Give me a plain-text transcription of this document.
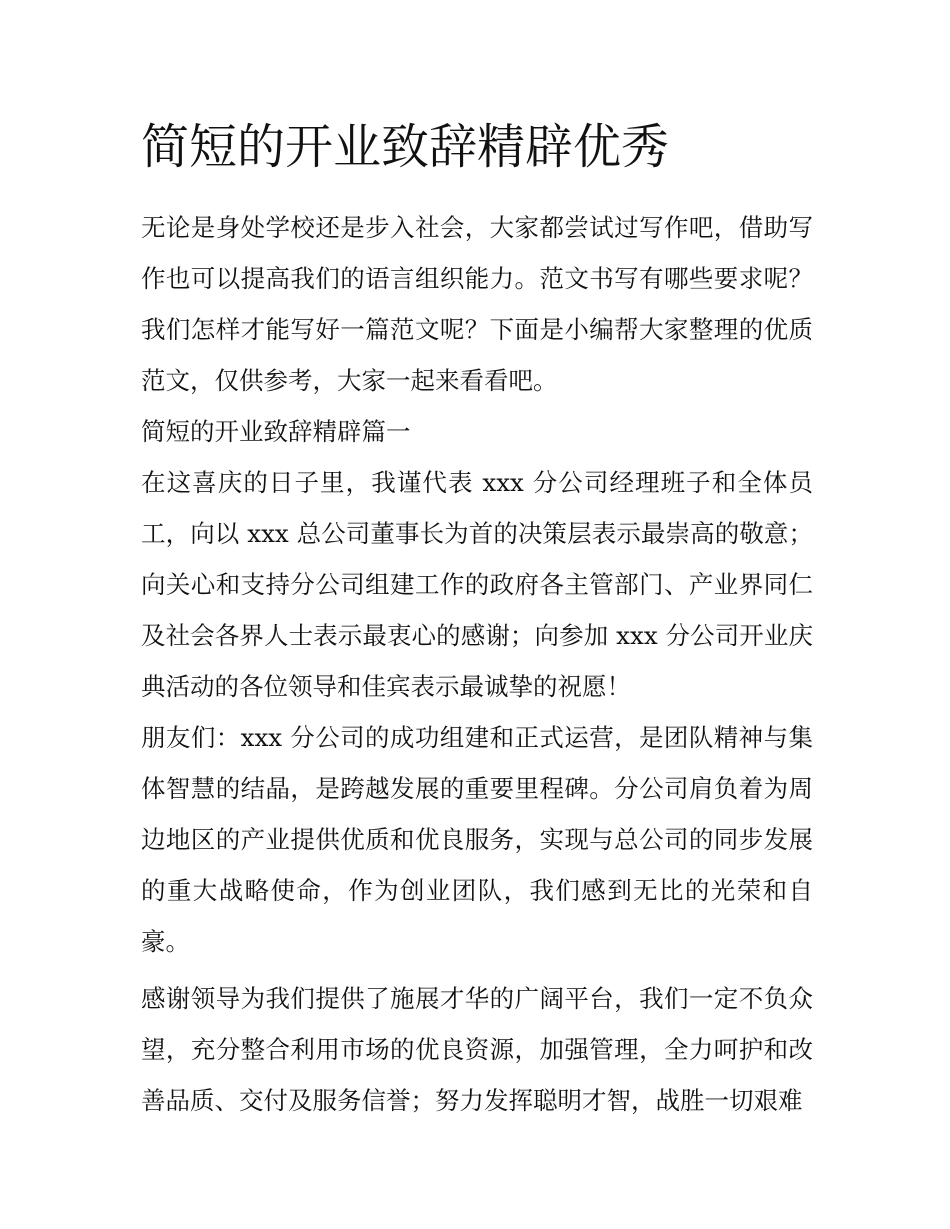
简短的开业致辞精辟优秀

无论是身处学校还是步入社会，大家都尝试过写作吧，借助写作也可以提高我们的语言组织能力。范文书写有哪些要求呢？我们怎样才能写好一篇范文呢？下面是小编帮大家整理的优质范文，仅供参考，大家一起来看看吧。

简短的开业致辞精辟篇一

在这喜庆的日子里，我谨代表 xxx 分公司经理班子和全体员工，向以 xxx 总公司董事长为首的决策层表示最崇高的敬意；向关心和支持分公司组建工作的政府各主管部门、产业界同仁及社会各界人士表示最衷心的感谢；向参加 xxx 分公司开业庆典活动的各位领导和佳宾表示最诚挚的祝愿！

朋友们：xxx 分公司的成功组建和正式运营，是团队精神与集体智慧的结晶，是跨越发展的重要里程碑。分公司肩负着为周边地区的产业提供优质和优良服务，实现与总公司的同步发展的重大战略使命，作为创业团队，我们感到无比的光荣和自豪。

感谢领导为我们提供了施展才华的广阔平台，我们一定不负众望，充分整合利用市场的优良资源，加强管理，全力呵护和改善品质、交付及服务信誉；努力发挥聪明才智，战胜一切艰难
